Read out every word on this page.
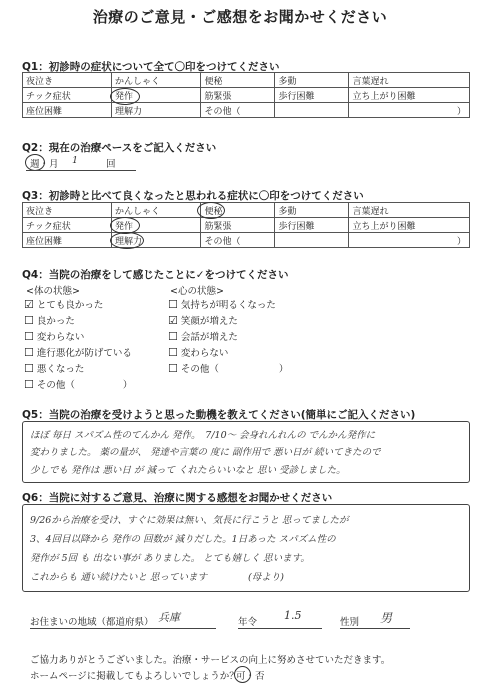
治療のご意見・ご感想をお聞かせください
Q1：初診時の症状について全て〇印をつけてください
夜泣き	かんしゃく	便秘	多動	言葉遅れ
チック症状	発作	筋緊張	歩行困難	立ち上がり困難
座位困難	理解力	その他（		）
Q2：現在の治療ペースをご記入ください
週・月 1	回
Q3：初診時と比べて良くなったと思われる症状に〇印をつけてください
夜泣き	かんしゃく	便秘	多動	言葉遅れ
チック症状	発作	筋緊張	歩行困難	立ち上がり困難
座位困難	理解力	その他（		）
Q4：当院の治療をして感じたことに✓をつけてください
<体の状態>	<心の状態>
☑ とても良かった
☐ 良かった
☐ 変わらない
☐ 進行悪化が防げている
☐ 悪くなった
☐ その他（	）
☐ 気持ちが明るくなった
☑ 笑顔が増えた
☐ 会話が増えた
☐ 変わらない
☐ その他（	）
Q5：当院の治療を受けようと思った動機を教えてください(簡単にご記入ください)
ほぼ 毎日 スパズム性のてんかん 発作。　7/10〜 会身れんれんの でんかん発作に
変わりました。 薬の量が、 発達や言葉の 度に 副作用で 悪い日が 続いてきたので
少しでも 発作は 悪い日 が 減って くれたらいいなと 思い 受診しました。
Q6：当院に対するご意見、治療に関する感想をお聞かせください
9/26から治療を受け、すぐに効果は無い、気長に行こうと 思ってましたが
3、4回目以降から 発作の 回数が 減りだした。1日あった スパズム性の
発作が 5回 も 出ない事が ありました。 とても嬉しく 思います。
これからも 通い続けたいと 思っています	(母より)
お住まいの地域（都道府県） 兵庫	年令
1.5
性別 男
ご協力ありがとうございました。治療・サービスの向上に努めさせていただきます。
ホームページに掲載してもよろしいでしょうか？
可・否
